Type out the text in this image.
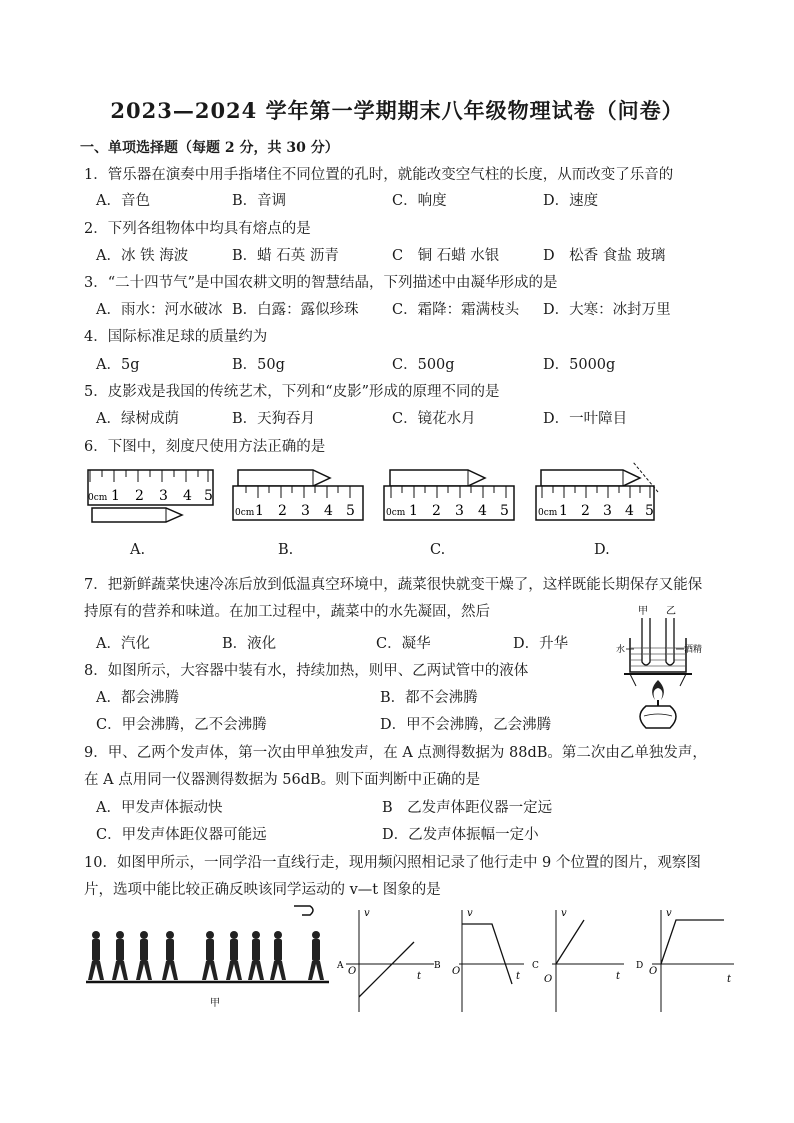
2023—2024 学年第一学期期末八年级物理试卷（问卷）
一、单项选择题（每题 2 分，共 30 分）
1．管乐器在演奏中用手指堵住不同位置的孔时，就能改变空气柱的长度，从而改变了乐音的
A．音色	B．音调	C．响度	D．速度
2．下列各组物体中均具有熔点的是
A．冰 铁 海波	B．蜡 石英 沥青	C　铜 石蜡 水银	D　松香 食盐 玻璃
3．“二十四节气”是中国农耕文明的智慧结晶，下列描述中由凝华形成的是
A．雨水：河水破冰 B．白露：露似珍珠 C．霜降：霜满枝头 D．大寒：冰封万里
4．国际标准足球的质量约为
A．5g	B．50g	C．500g	D．5000g
5．皮影戏是我国的传统艺术，下列和“皮影”形成的原理不同的是
A．绿树成荫	B．天狗吞月	C．镜花水月	D．一叶障目
6．下图中，刻度尺使用方法正确的是
0cm 1 2 3 4 5
0cm 1 2 3 4 5	0cm 1 2 3 4 5	0cm 1 2 3 4 5
A.	B.	C.	D.
7．把新鲜蔬菜快速冷冻后放到低温真空环境中，蔬菜很快就变干燥了，这样既能长期保存又能保
持原有的营养和味道。在加工过程中，蔬菜中的水先凝固，然后
A．汽化	B．液化	C．凝华	D．升华
8．如图所示，大容器中装有水，持续加热，则甲、乙两试管中的液体
A．都会沸腾	B．都不会沸腾
C．甲会沸腾，乙不会沸腾	D．甲不会沸腾，乙会沸腾
甲 乙
水	酒精
9．甲、乙两个发声体，第一次由甲单独发声，在 A 点测得数据为 88dB。第二次由乙单独发声，
在 A 点用同一仪器测得数据为 56dB。则下面判断中正确的是
A．甲发声体振动快	B　乙发声体距仪器一定远
C．甲发声体距仪器可能远	D．乙发声体振幅一定小
10．如图甲所示，一同学沿一直线行走，现用频闪照相记录了他行走中 9 个位置的图片，观察图
片，选项中能比较正确反映该同学运动的 v—t 图象的是
甲
v
t
O
A
v
t
O
B
v
t
O
C
v
t
O
D
